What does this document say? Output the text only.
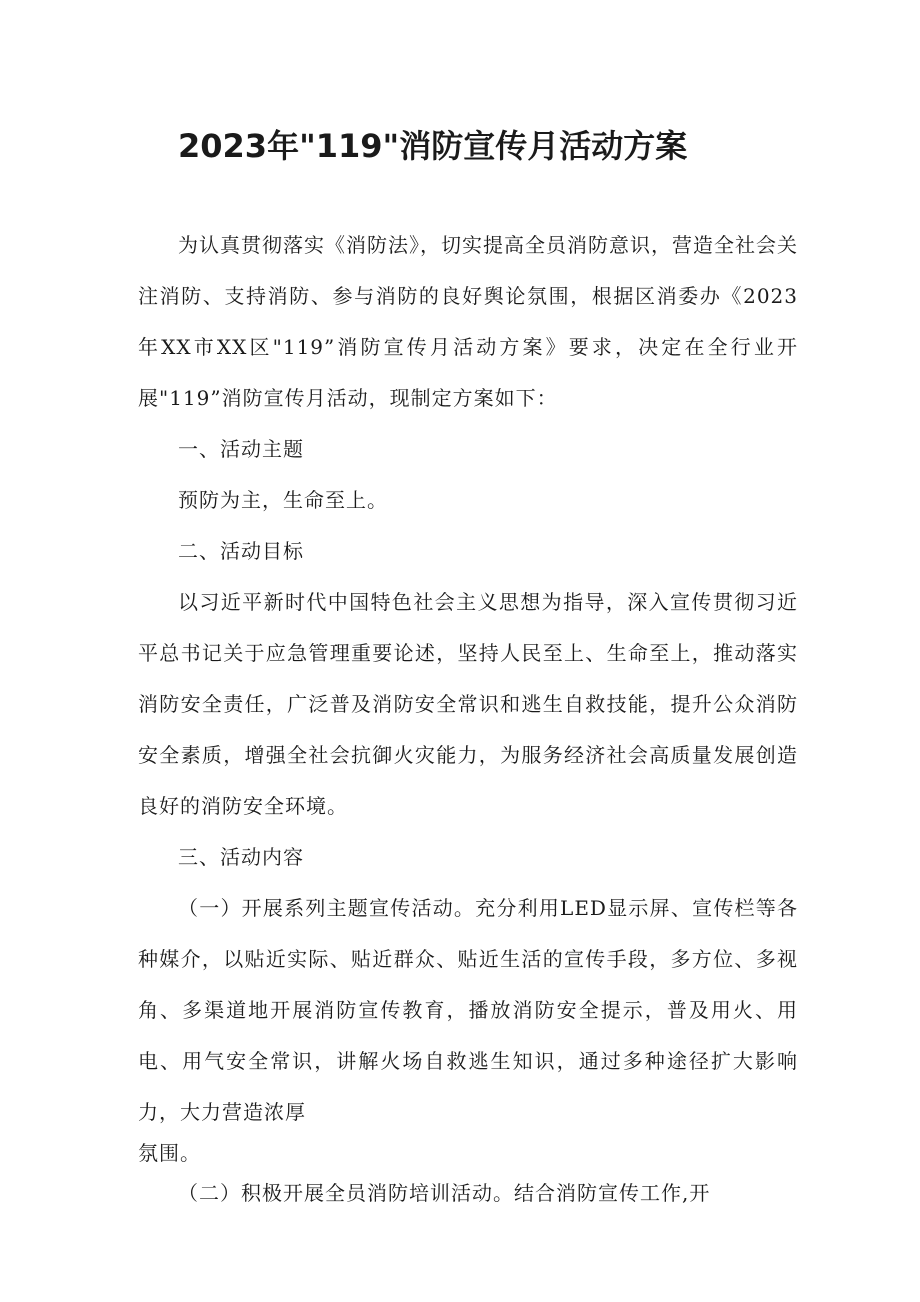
2023年"119"消防宣传月活动方案

为认真贯彻落实《消防法》，切实提高全员消防意识，营造全社会关注消防、支持消防、参与消防的良好舆论氛围，根据区消委办《2023年XX市XX区"119”消防宣传月活动方案》要求，决定在全行业开展"119”消防宣传月活动，现制定方案如下：

一、活动主题

预防为主，生命至上。

二、活动目标

以习近平新时代中国特色社会主义思想为指导，深入宣传贯彻习近平总书记关于应急管理重要论述，坚持人民至上、生命至上，推动落实消防安全责任，广泛普及消防安全常识和逃生自救技能，提升公众消防安全素质，增强全社会抗御火灾能力，为服务经济社会高质量发展创造良好的消防安全环境。

三、活动内容

（一）开展系列主题宣传活动。充分利用LED显示屏、宣传栏等各种媒介，以贴近实际、贴近群众、贴近生活的宣传手段，多方位、多视角、多渠道地开展消防宣传教育，播放消防安全提示，普及用火、用电、用气安全常识，讲解火场自救逃生知识，通过多种途径扩大影响力，大力营造浓厚

氛围。

（二）积极开展全员消防培训活动。结合消防宣传工作,开
